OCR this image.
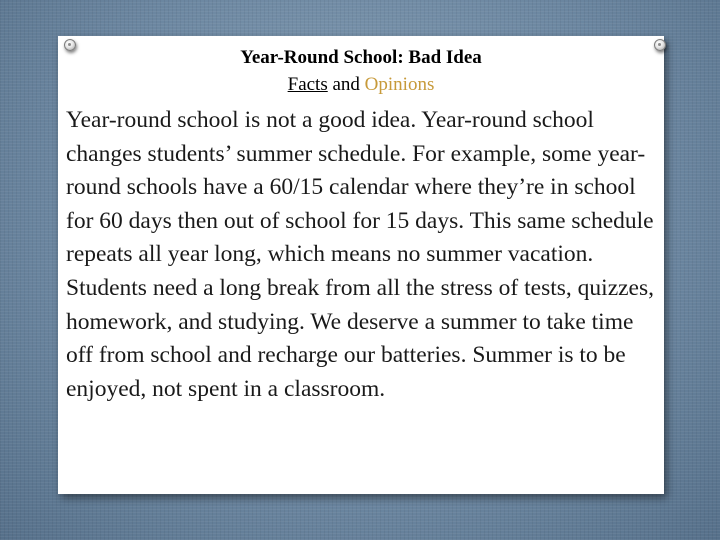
Year-Round School: Bad Idea
Facts and Opinions

Year-round school is not a good idea. Year-round school changes students’ summer schedule. For example, some year-round schools have a 60/15 calendar where they’re in school for 60 days then out of school for 15 days. This same schedule repeats all year long, which means no summer vacation. Students need a long break from all the stress of tests, quizzes, homework, and studying. We deserve a summer to take time off from school and recharge our batteries. Summer is to be enjoyed, not spent in a classroom.
